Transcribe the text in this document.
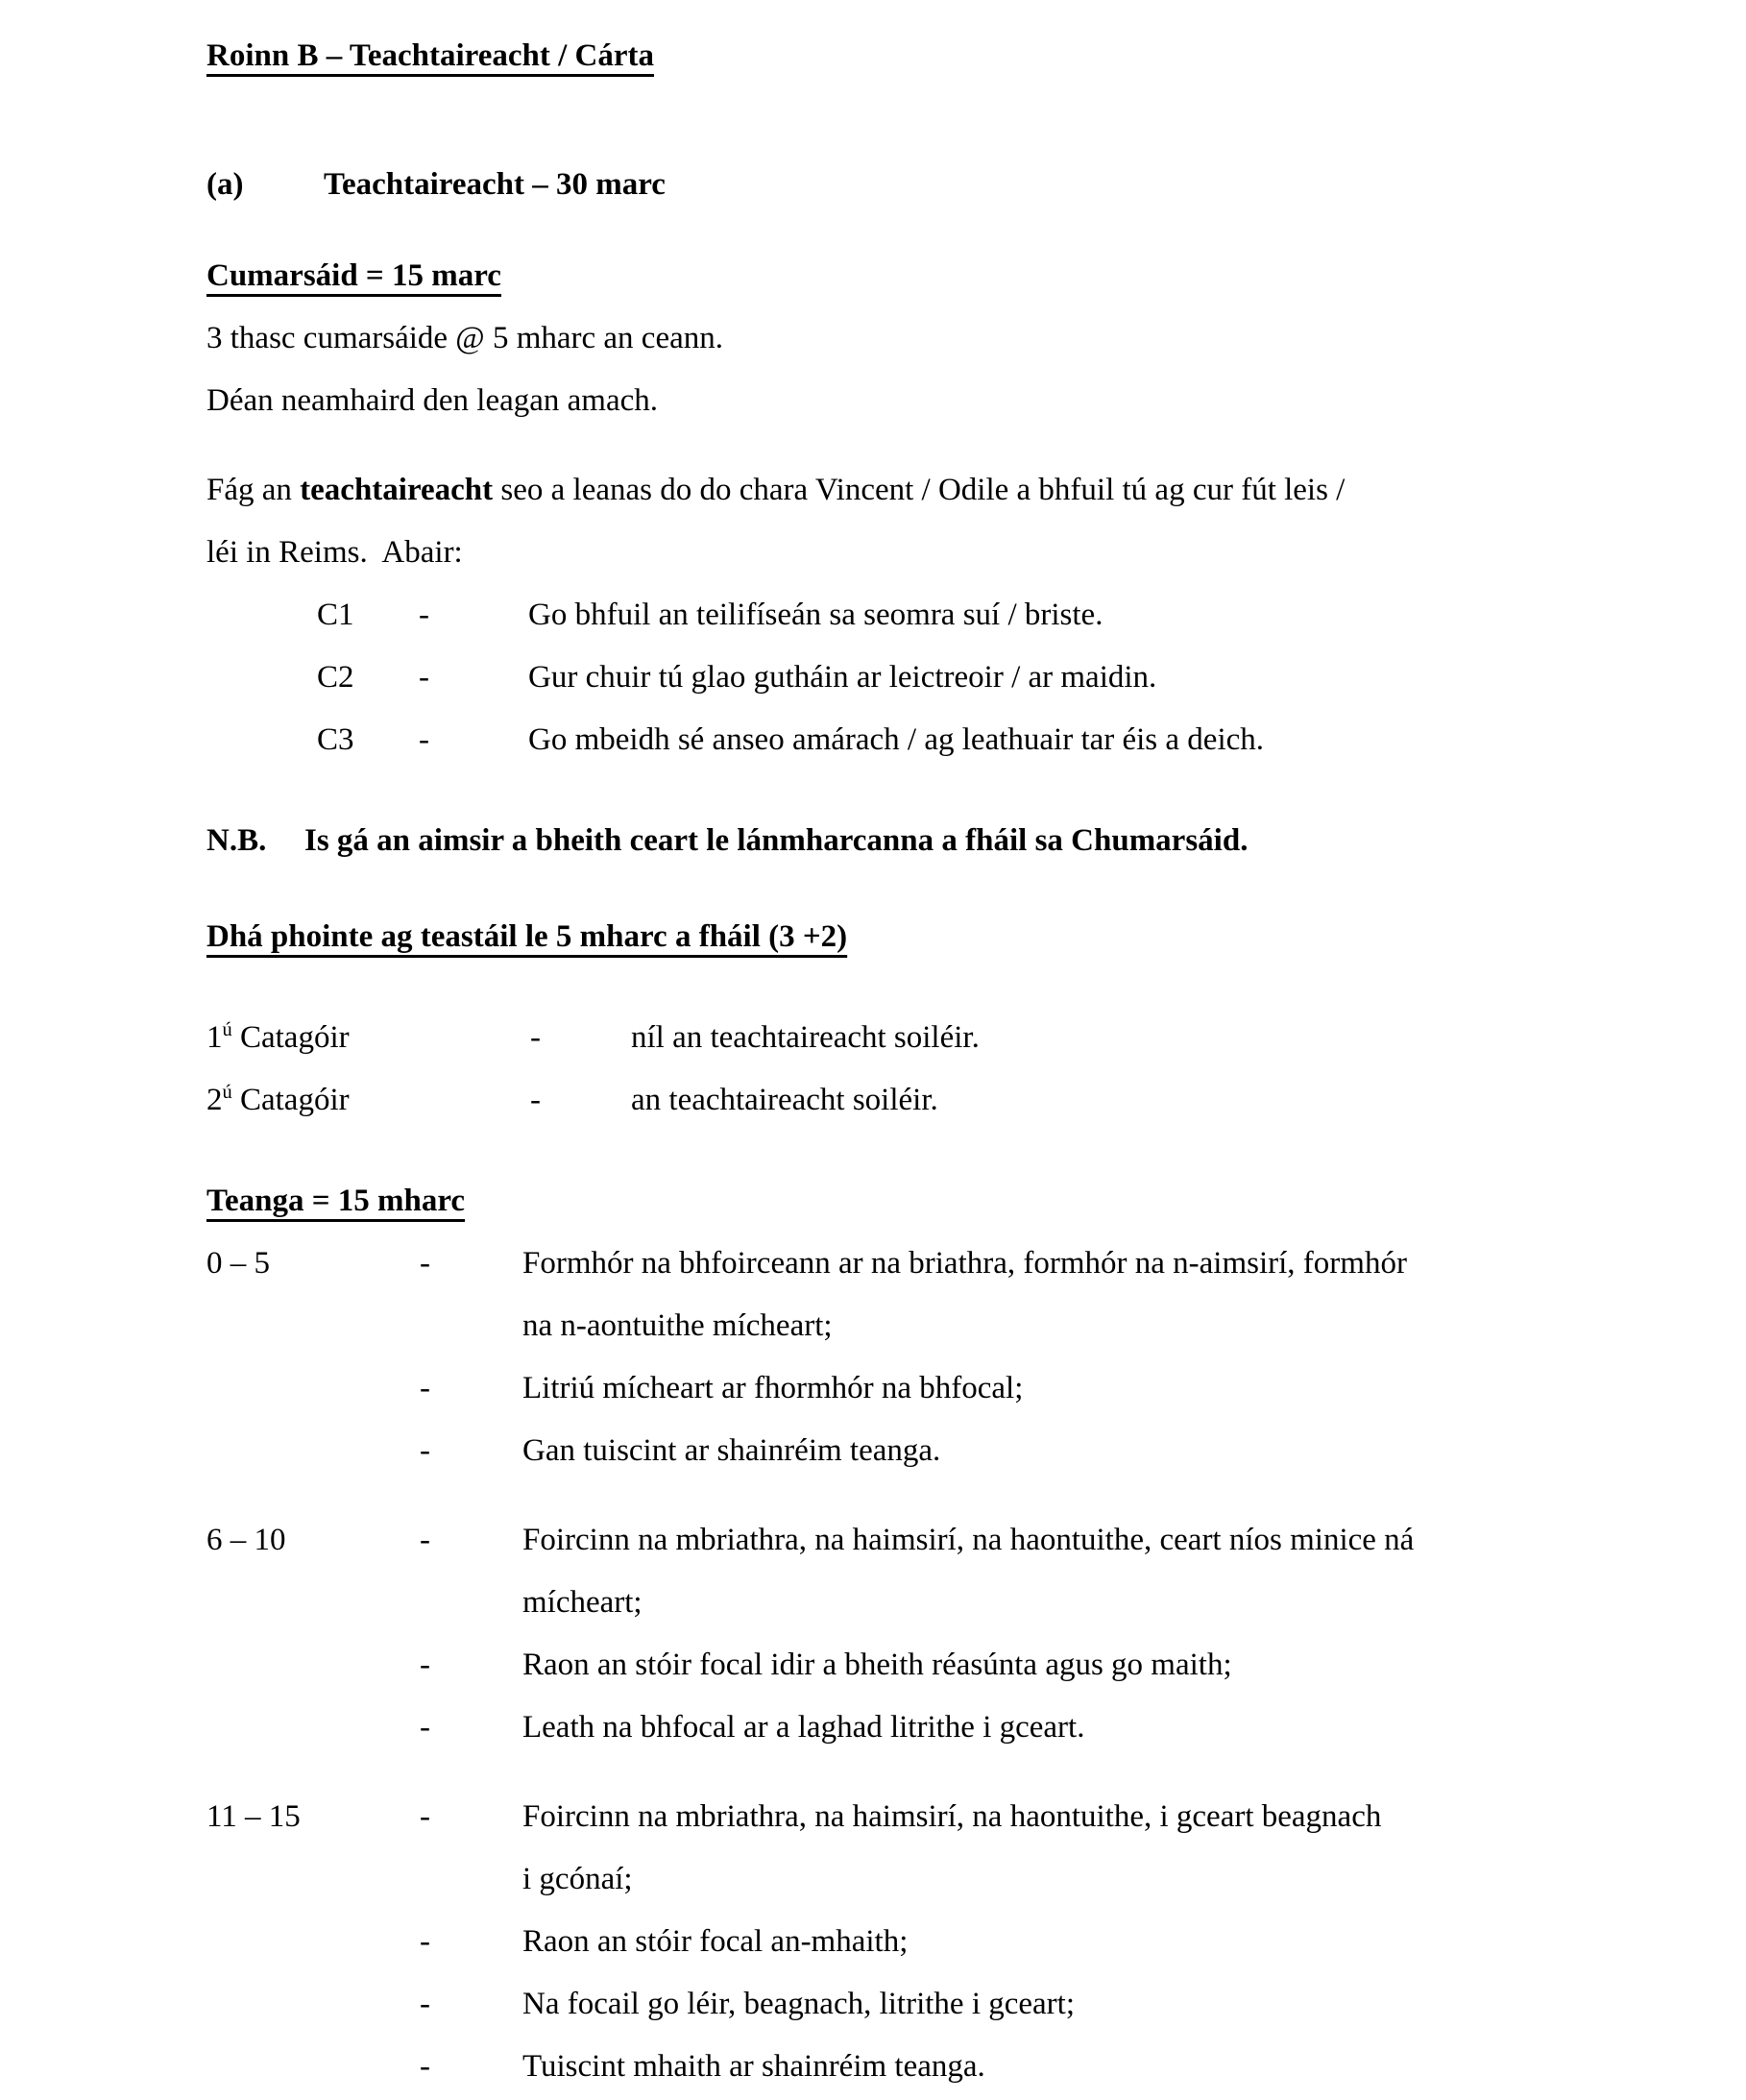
Roinn B – Teachtaireacht / Cárta

(a)	Teachtaireacht – 30 marc

Cumarsáid = 15 marc

3 thasc cumarsáide @ 5 mharc an ceann.

Déan neamhaird den leagan amach.

Fág an teachtaireacht seo a leanas do do chara Vincent / Odile a bhfuil tú ag cur fút leis /

léi in Reims.  Abair:

C1	-	Go bhfuil an teilifíseán sa seomra suí / briste.
C2	-	Gur chuir tú glao gutháin ar leictreoir / ar maidin.
C3	-	Go mbeidh sé anseo amárach / ag leathuair tar éis a deich.
N.B.	Is gá an aimsir a bheith ceart le lánmharcanna a fháil sa Chumarsáid.

Dhá phointe ag teastáil le 5 mharc a fháil (3 +2)

$1^ú$ Catagóir	-	níl an teachtaireacht soiléir.
$2^ú$ Catagóir	-	an teachtaireacht soiléir.

Teanga = 15 mharc

0 – 5	-	Formhór na bhfoirceann ar na briathra, formhór na n-aimsirí, formhór

na n-aontuithe mícheart;

-	Litriú mícheart ar fhormhór na bhfocal;

-	Gan tuiscint ar shainréim teanga.

6 – 10	-	Foircinn na mbriathra, na haimsirí, na haontuithe, ceart níos minice ná

mícheart;

-	Raon an stóir focal idir a bheith réasúnta agus go maith;

-	Leath na bhfocal ar a laghad litrithe i gceart.

11 – 15	-	Foircinn na mbriathra, na haimsirí, na haontuithe, i gceart beagnach

i gcónaí;

-	Raon an stóir focal an-mhaith;

-	Na focail go léir, beagnach, litrithe i gceart;

-	Tuiscint mhaith ar shainréim teanga.
